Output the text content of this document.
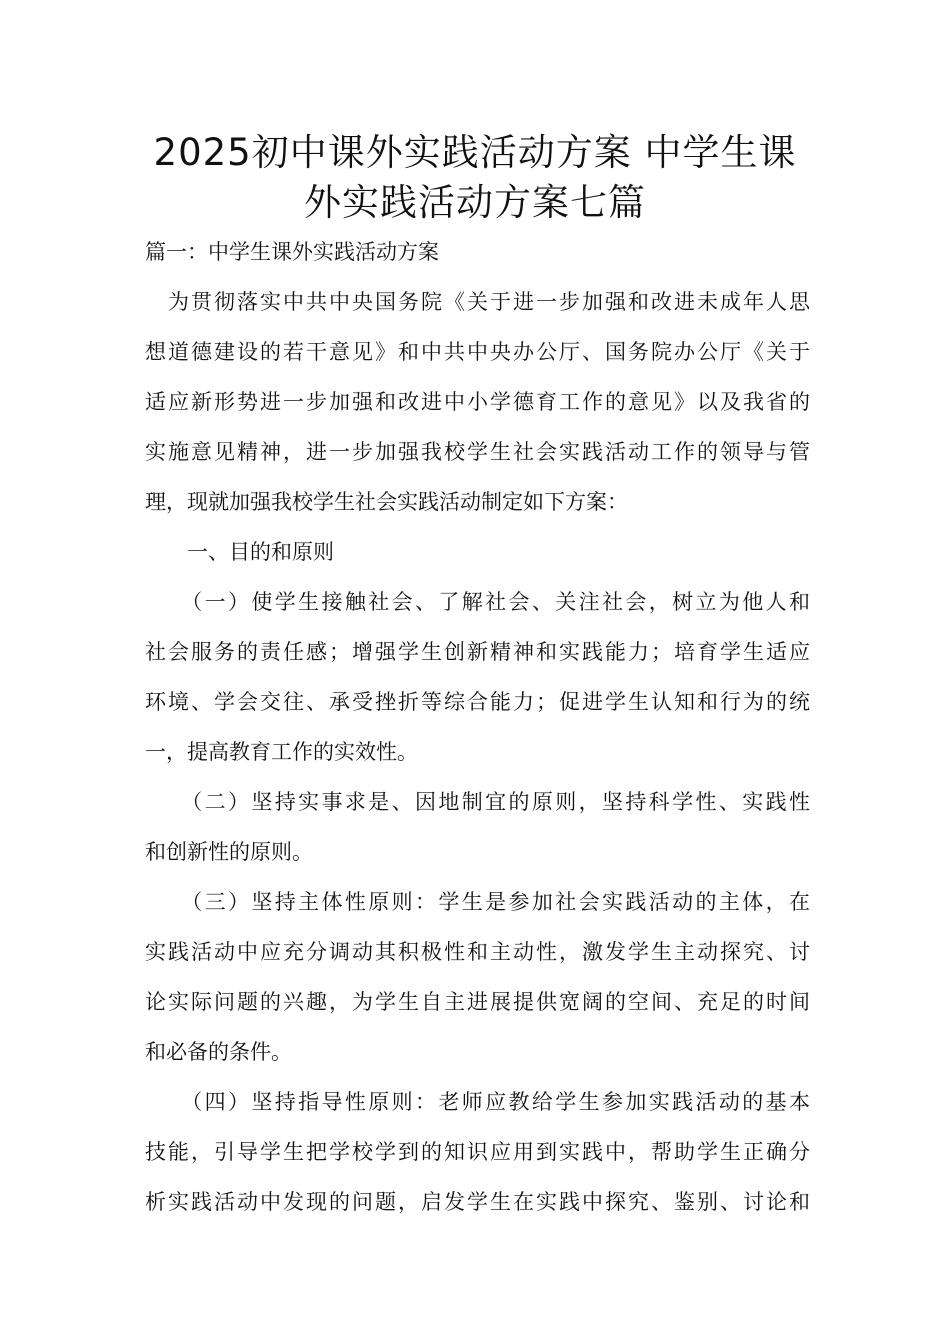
2025初中课外实践活动方案 中学生课
外实践活动方案七篇
篇一：中学生课外实践活动方案
　为贯彻落实中共中央国务院《关于进一步加强和改进未成年人思
想道德建设的若干意见》和中共中央办公厅、国务院办公厅《关于
适应新形势进一步加强和改进中小学德育工作的意见》以及我省的
实施意见精神，进一步加强我校学生社会实践活动工作的领导与管
理，现就加强我校学生社会实践活动制定如下方案：
　　一、目的和原则
　　（一）使学生接触社会、了解社会、关注社会，树立为他人和
社会服务的责任感；增强学生创新精神和实践能力；培育学生适应
环境、学会交往、承受挫折等综合能力；促进学生认知和行为的统
一，提高教育工作的实效性。
　　（二）坚持实事求是、因地制宜的原则，坚持科学性、实践性
和创新性的原则。
　　（三）坚持主体性原则：学生是参加社会实践活动的主体，在
实践活动中应充分调动其积极性和主动性，激发学生主动探究、讨
论实际问题的兴趣，为学生自主进展提供宽阔的空间、充足的时间
和必备的条件。
　　（四）坚持指导性原则：老师应教给学生参加实践活动的基本
技能，引导学生把学校学到的知识应用到实践中，帮助学生正确分
析实践活动中发现的问题，启发学生在实践中探究、鉴别、讨论和
